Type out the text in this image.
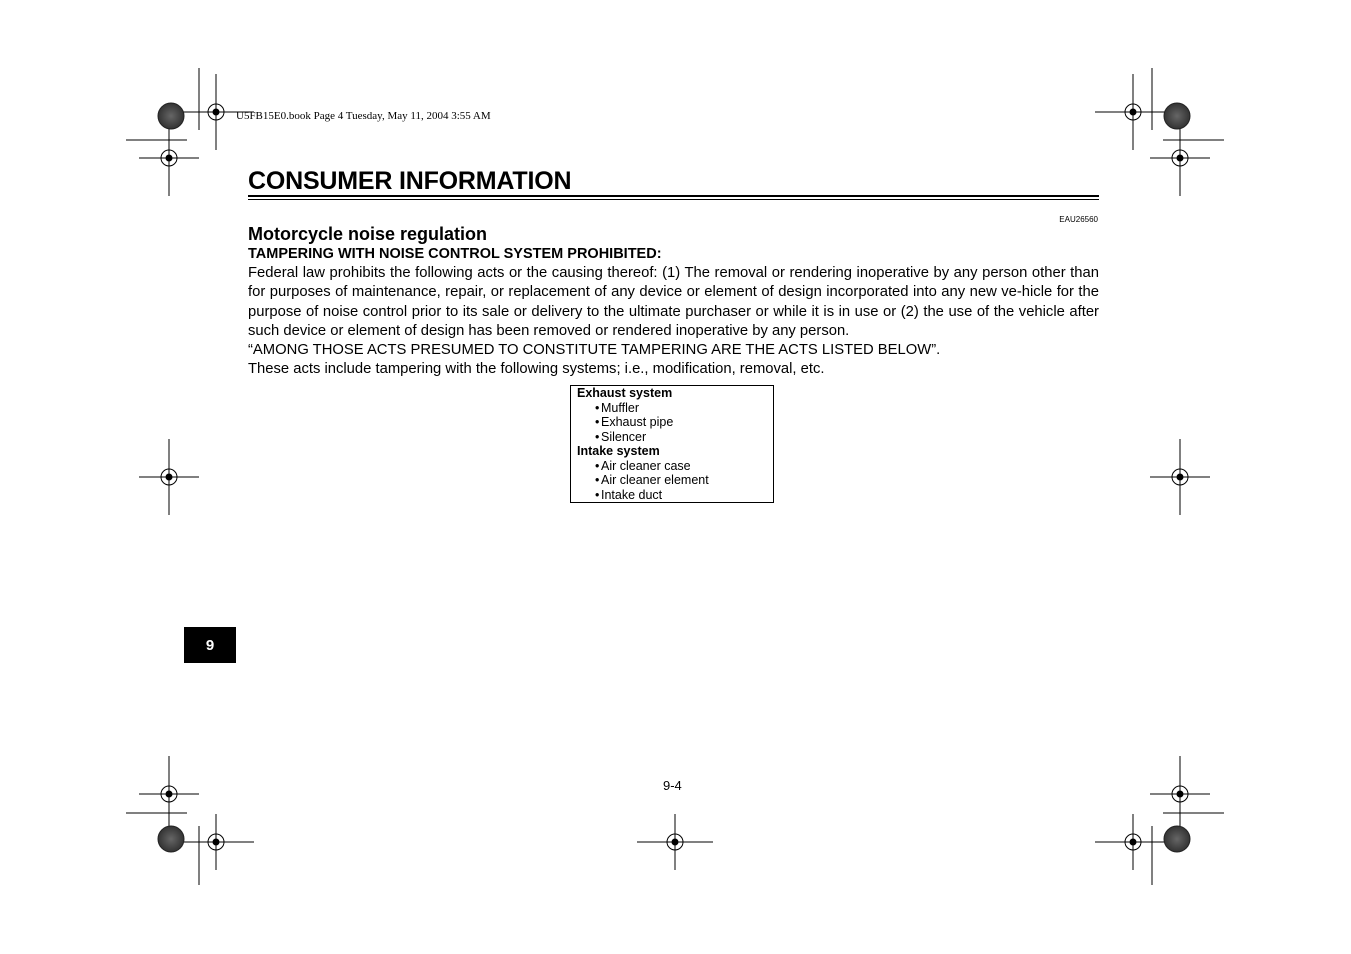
U5FB15E0.book Page 4 Tuesday, May 11, 2004 3:55 AM
CONSUMER INFORMATION
EAU26560
Motorcycle noise regulation
TAMPERING WITH NOISE CONTROL SYSTEM PROHIBITED:

Federal law prohibits the following acts or the causing thereof: (1) The removal or rendering inoperative by any person other than for purposes of maintenance, repair, or replacement of any device or element of design incorporated into any new ve-hicle for the purpose of noise control prior to its sale or delivery to the ultimate purchaser or while it is in use or (2) the use of the vehicle after such device or element of design has been removed or rendered inoperative by any person.

“AMONG THOSE ACTS PRESUMED TO CONSTITUTE TAMPERING ARE THE ACTS LISTED BELOW”.

These acts include tampering with the following systems; i.e., modification, removal, etc.

Exhaust system
• Muffler
• Exhaust pipe
• Silencer
Intake system
• Air cleaner case
• Air cleaner element
• Intake duct
9
9-4
